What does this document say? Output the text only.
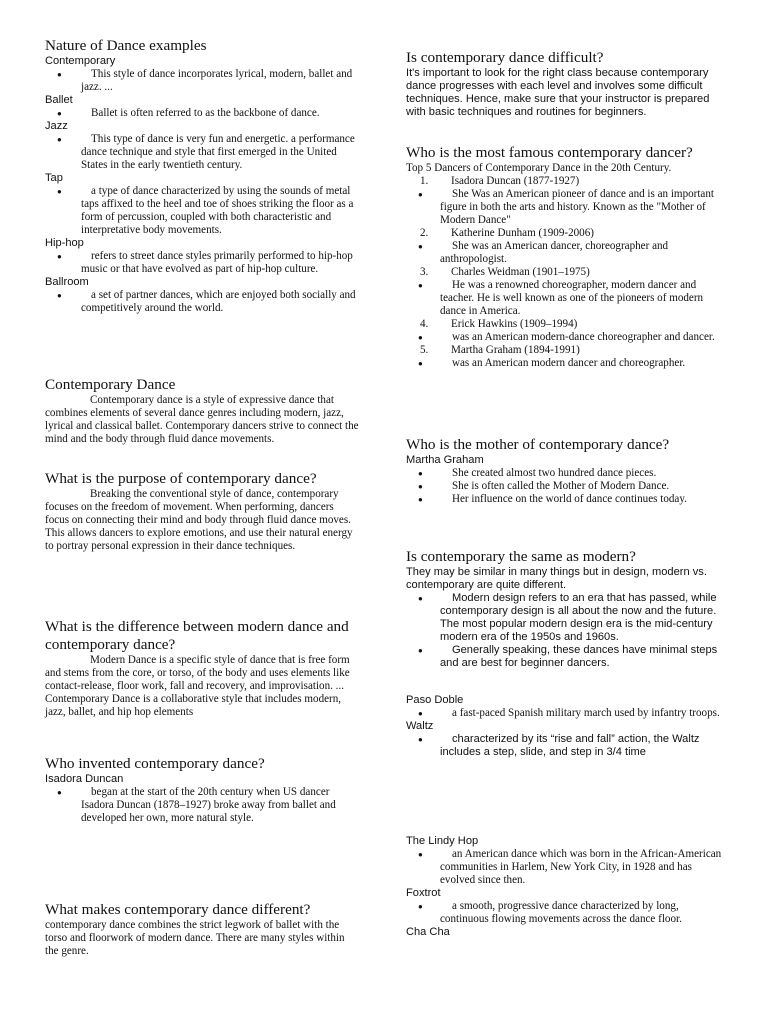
Nature of Dance examples
Contemporary
●	This style of dance incorporates lyrical, modern, ballet and jazz. ...
Ballet
●	Ballet is often referred to as the backbone of dance.
Jazz
●	This type of dance is very fun and energetic. a performance dance technique and style that first emerged in the United States in the early twentieth century.
Tap
●	a type of dance characterized by using the sounds of metal taps affixed to the heel and toe of shoes striking the floor as a form of percussion, coupled with both characteristic and interpretative body movements.
Hip-hop
●	refers to street dance styles primarily performed to hip-hop music or that have evolved as part of hip-hop culture.
Ballroom
●	a set of partner dances, which are enjoyed both socially and competitively around the world.
Contemporary Dance
Contemporary dance is a style of expressive dance that combines elements of several dance genres including modern, jazz, lyrical and classical ballet. Contemporary dancers strive to connect the mind and the body through fluid dance movements.
What is the purpose of contemporary dance?
Breaking the conventional style of dance, contemporary focuses on the freedom of movement. When performing, dancers focus on connecting their mind and body through fluid dance moves. This allows dancers to explore emotions, and use their natural energy to portray personal expression in their dance techniques.
What is the difference between modern dance and contemporary dance?
Modern Dance is a specific style of dance that is free form and stems from the core, or torso, of the body and uses elements like contact-release, floor work, fall and recovery, and improvisation. ... Contemporary Dance is a collaborative style that includes modern, jazz, ballet, and hip hop elements
Who invented contemporary dance?
Isadora Duncan
●	began at the start of the 20th century when US dancer Isadora Duncan (1878–1927) broke away from ballet and developed her own, more natural style.
What makes contemporary dance different?
contemporary dance combines the strict legwork of ballet with the torso and floorwork of modern dance. There are many styles within the genre.
Is contemporary dance difficult?
It's important to look for the right class because contemporary dance progresses with each level and involves some difficult techniques. Hence, make sure that your instructor is prepared with basic techniques and routines for beginners.
Who is the most famous contemporary dancer?
Top 5 Dancers of Contemporary Dance in the 20th Century.
1. Isadora Duncan (1877-1927)
●	She Was an American pioneer of dance and is an important figure in both the arts and history. Known as the "Mother of Modern Dance"
2. Katherine Dunham (1909-2006)
●	She was an American dancer, choreographer and anthropologist.
3. Charles Weidman (1901–1975)
●	He was a renowned choreographer, modern dancer and teacher. He is well known as one of the pioneers of modern dance in America.
4. Erick Hawkins (1909–1994)
●	was an American modern-dance choreographer and dancer.
5. Martha Graham (1894-1991)
●	was an American modern dancer and choreographer.
Who is the mother of contemporary dance?
Martha Graham
●	She created almost two hundred dance pieces.
●	She is often called the Mother of Modern Dance.
●	Her influence on the world of dance continues today.
Is contemporary the same as modern?
They may be similar in many things but in design, modern vs. contemporary are quite different.
●	Modern design refers to an era that has passed, while contemporary design is all about the now and the future. The most popular modern design era is the mid-century modern era of the 1950s and 1960s.
●	Generally speaking, these dances have minimal steps and are best for beginner dancers.
Paso Doble
●	a fast-paced Spanish military march used by infantry troops.
Waltz
●	characterized by its “rise and fall” action, the Waltz includes a step, slide, and step in 3/4 time
The Lindy Hop
●	an American dance which was born in the African-American communities in Harlem, New York City, in 1928 and has evolved since then.
Foxtrot
●	a smooth, progressive dance characterized by long, continuous flowing movements across the dance floor.
Cha Cha
